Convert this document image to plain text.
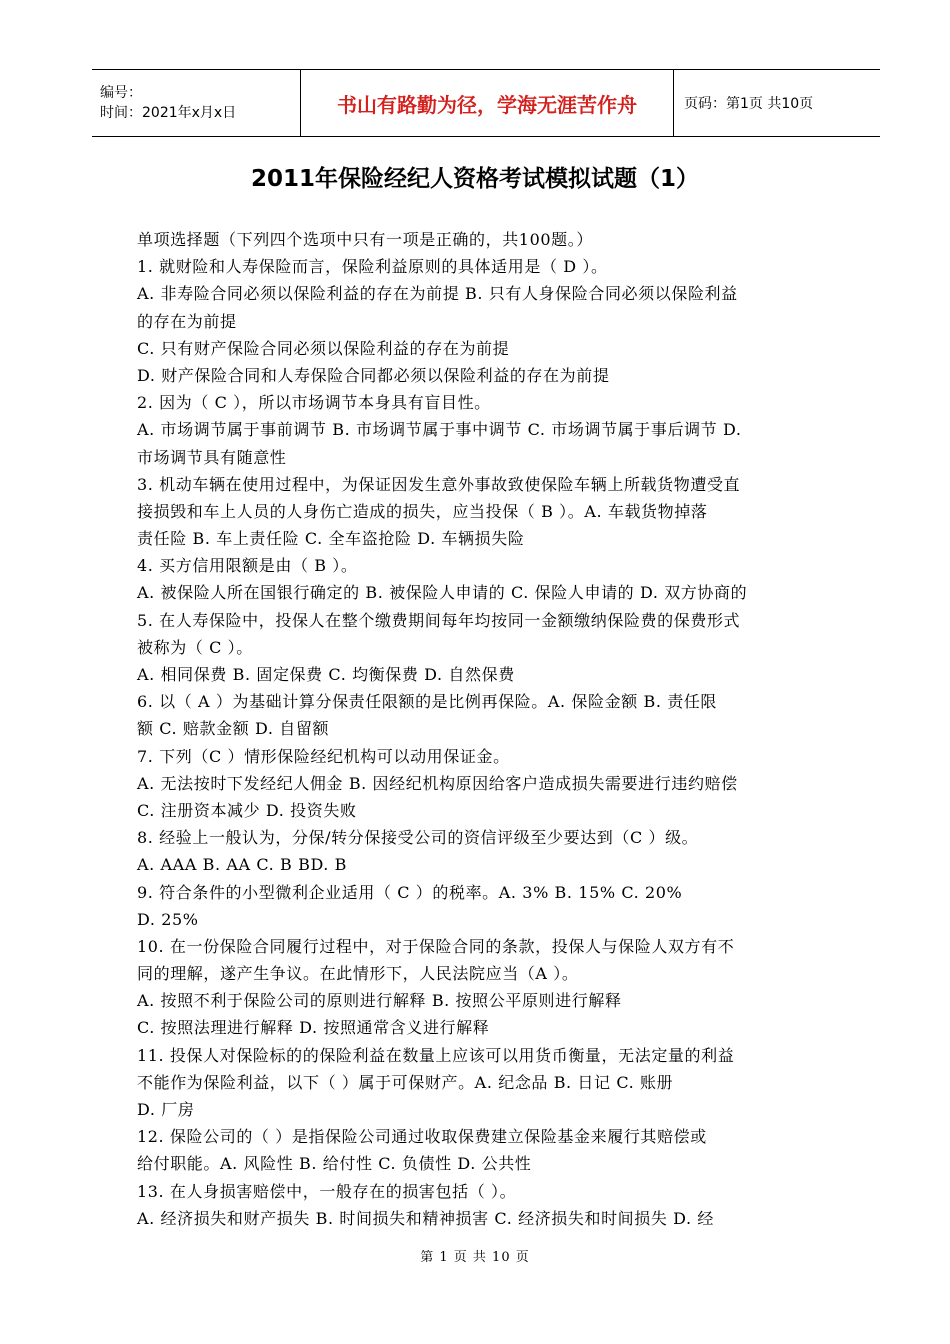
编号：
时间：2021年x月x日	书山有路勤为径，学海无涯苦作舟	页码：第1页 共10页
2011年保险经纪人资格考试模拟试题（1）
单项选择题（下列四个选项中只有一项是正确的，共100题。）
1. 就财险和人寿保险而言，保险利益原则的具体适用是（ D ）。
A. 非寿险合同必须以保险利益的存在为前提 B. 只有人身保险合同必须以保险利益
的存在为前提
C. 只有财产保险合同必须以保险利益的存在为前提
D. 财产保险合同和人寿保险合同都必须以保险利益的存在为前提
2. 因为（ C ），所以市场调节本身具有盲目性。
A. 市场调节属于事前调节 B. 市场调节属于事中调节 C. 市场调节属于事后调节 D.
市场调节具有随意性
3. 机动车辆在使用过程中，为保证因发生意外事故致使保险车辆上所载货物遭受直
接损毁和车上人员的人身伤亡造成的损失，应当投保（ B ）。A. 车载货物掉落
责任险 B. 车上责任险 C. 全车盗抢险 D. 车辆损失险
4. 买方信用限额是由（ B ）。
A. 被保险人所在国银行确定的 B. 被保险人申请的 C. 保险人申请的 D. 双方协商的
5. 在人寿保险中，投保人在整个缴费期间每年均按同一金额缴纳保险费的保费形式
被称为（ C ）。
A. 相同保费 B. 固定保费 C. 均衡保费 D. 自然保费
6. 以（ A ）为基础计算分保责任限额的是比例再保险。A. 保险金额 B. 责任限
额 C. 赔款金额 D. 自留额
7. 下列（C ）情形保险经纪机构可以动用保证金。
A. 无法按时下发经纪人佣金 B. 因经纪机构原因给客户造成损失需要进行违约赔偿
C. 注册资本减少 D. 投资失败
8. 经验上一般认为，分保/转分保接受公司的资信评级至少要达到（C ）级。
A. AAA B. AA C. B BD. B
9. 符合条件的小型微利企业适用（ C ）的税率。A. 3% B. 15% C. 20%
D. 25%
10. 在一份保险合同履行过程中，对于保险合同的条款，投保人与保险人双方有不
同的理解，遂产生争议。在此情形下，人民法院应当（A ）。
A. 按照不利于保险公司的原则进行解释 B. 按照公平原则进行解释
C. 按照法理进行解释 D. 按照通常含义进行解释
11. 投保人对保险标的的保险利益在数量上应该可以用货币衡量，无法定量的利益
不能作为保险利益，以下（ ）属于可保财产。A. 纪念品 B. 日记 C. 账册
D. 厂房
12. 保险公司的（ ）是指保险公司通过收取保费建立保险基金来履行其赔偿或
给付职能。A. 风险性 B. 给付性 C. 负债性 D. 公共性
13. 在人身损害赔偿中，一般存在的损害包括（ ）。
A. 经济损失和财产损失 B. 时间损失和精神损害 C. 经济损失和时间损失 D. 经
第 1 页 共 10 页
